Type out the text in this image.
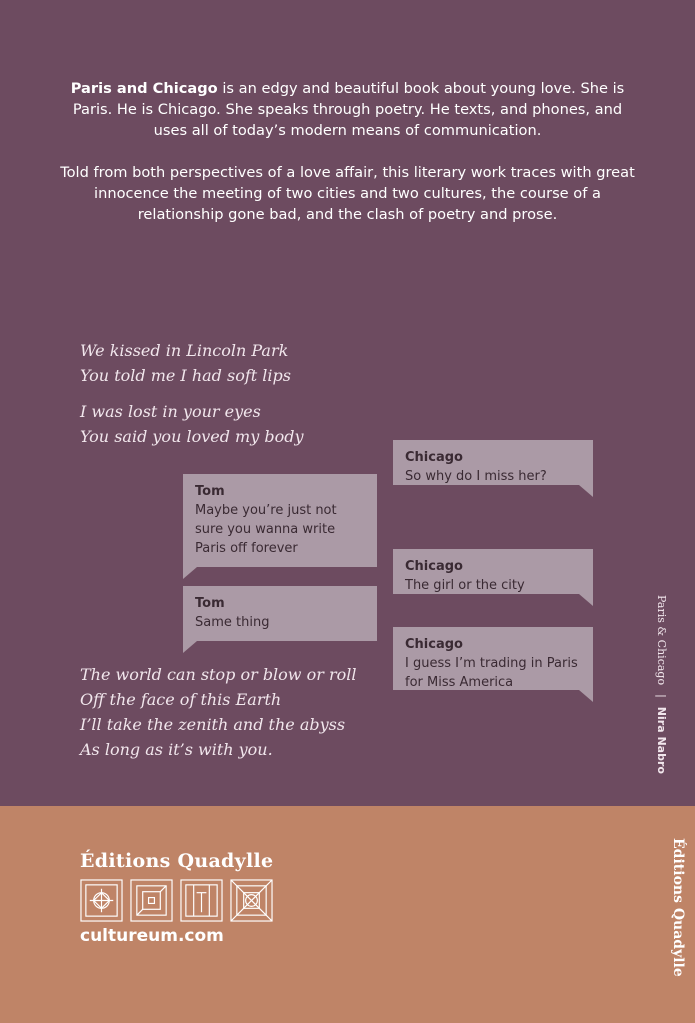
Paris and Chicago is an edgy and beautiful book about young love. She is Paris. He is Chicago. She speaks through poetry. He texts, and phones, and uses all of today’s modern means of communication.

Told from both perspectives of a love affair, this literary work traces with great innocence the meeting of two cities and two cultures, the course of a relationship gone bad, and the clash of poetry and prose.

We kissed in Lincoln Park
You told me I had soft lips
I was lost in your eyes
You said you loved my body
Chicago
So why do I miss her?
Tom
Maybe you’re just not sure you wanna write Paris off forever
Chicago
The girl or the city
Tom
Same thing
Chicago
I guess I’m trading in Paris for Miss America
The world can stop or blow or roll
Off the face of this Earth
I’ll take the zenith and the abyss
As long as it’s with you.
Paris & Chicago|Nira Nabro
Éditions Quadylle
Éditions Quadylle
cultureum.com
